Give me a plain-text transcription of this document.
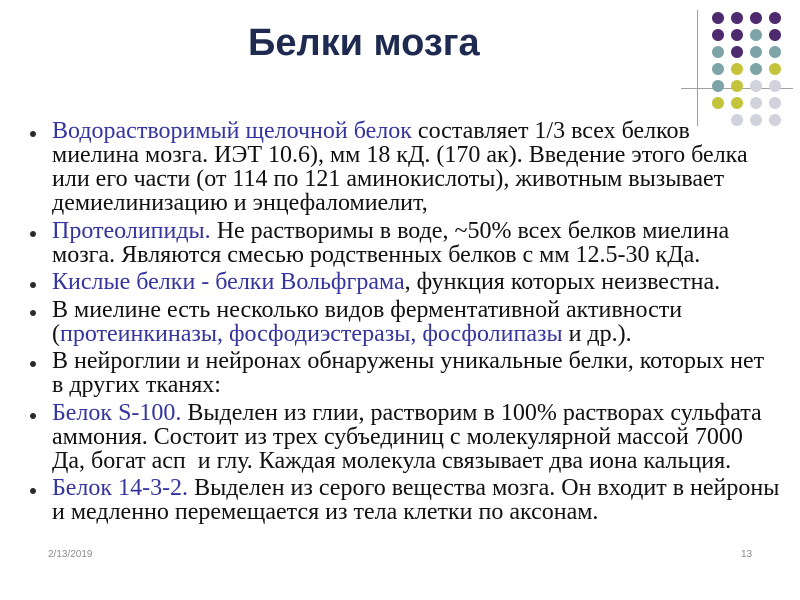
Белки мозга
Водорастворимый щелочной белок составляет 1/3 всех белков
миелина мозга. ИЭТ 10.6), мм 18 кД. (170 ак). Введение этого белка
или его части (от 114 по 121 аминокислоты), животным вызывает
демиелинизацию и энцефаломиелит,
Протеолипиды. Не растворимы в воде, ~50% всех белков миелина
мозга. Являются смесью родственных белков с мм 12.5-30 кДа.
Кислые белки - белки Вольфграма, функция которых неизвестна.
В миелине есть несколько видов ферментативной активности
(протеинкиназы, фосфодиэстеразы, фосфолипазы и др.).
В нейроглии и нейронах обнаружены уникальные белки, которых нет
в других тканях:
Белок S-100. Выделен из глии, растворим в 100% растворах сульфата
аммония. Состоит из трех субъединиц с молекулярной массой 7000
Да, богат асп  и глу. Каждая молекула связывает два иона кальция.
Белок 14-3-2. Выделен из серого вещества мозга. Он входит в нейроны
и медленно перемещается из тела клетки по аксонам.
2/13/2019	13
